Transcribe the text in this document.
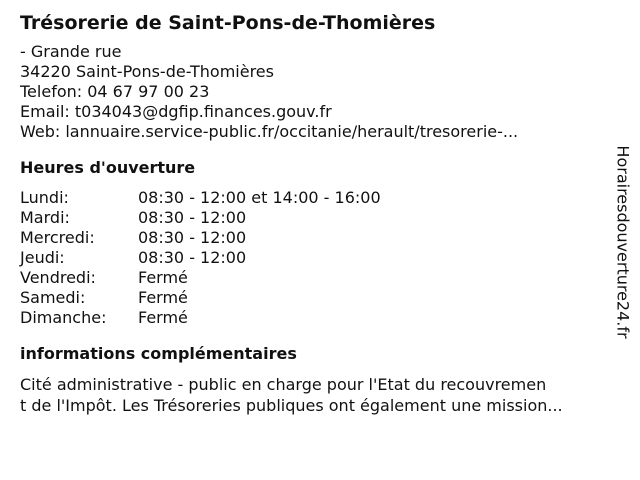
Trésorerie de Saint-Pons-de-Thomières
- Grande rue
34220 Saint-Pons-de-Thomières
Telefon: 04 67 97 00 23
Email: t034043@dgfip.finances.gouv.fr
Web: lannuaire.service-public.fr/occitanie/herault/tresorerie-...
Heures d'ouverture
Lundi:	08:30 - 12:00 et 14:00 - 16:00
Mardi:	08:30 - 12:00
Mercredi:	08:30 - 12:00
Jeudi:	08:30 - 12:00
Vendredi:	Fermé
Samedi:	Fermé
Dimanche:	Fermé
informations complémentaires
Cité administrative - public en charge pour l'Etat du recouvremen
t de l'Impôt. Les Trésoreries publiques ont également une mission...
Horairesdouverture24.fr
